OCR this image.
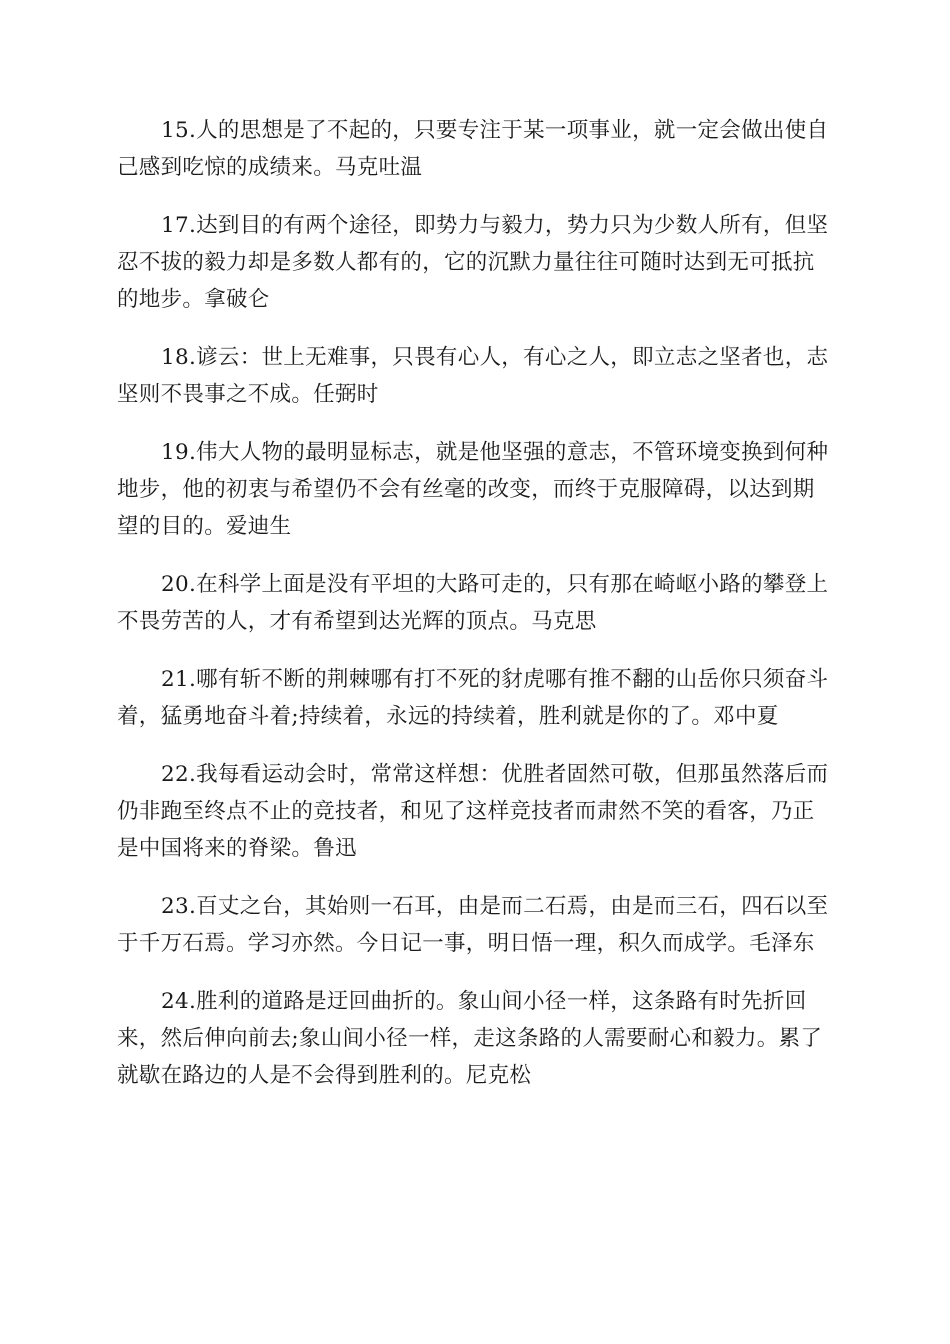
15.人的思想是了不起的，只要专注于某一项事业，就一定会做出使自己感到吃惊的成绩来。马克吐温

17.达到目的有两个途径，即势力与毅力，势力只为少数人所有，但坚忍不拔的毅力却是多数人都有的，它的沉默力量往往可随时达到无可抵抗的地步。拿破仑

18.谚云：世上无难事，只畏有心人，有心之人，即立志之坚者也，志坚则不畏事之不成。任弼时

19.伟大人物的最明显标志，就是他坚强的意志，不管环境变换到何种地步，他的初衷与希望仍不会有丝毫的改变，而终于克服障碍，以达到期望的目的。爱迪生

20.在科学上面是没有平坦的大路可走的，只有那在崎岖小路的攀登上不畏劳苦的人，才有希望到达光辉的顶点。马克思

21.哪有斩不断的荆棘哪有打不死的豺虎哪有推不翻的山岳你只须奋斗着，猛勇地奋斗着;持续着，永远的持续着，胜利就是你的了。邓中夏

22.我每看运动会时，常常这样想：优胜者固然可敬，但那虽然落后而仍非跑至终点不止的竞技者，和见了这样竞技者而肃然不笑的看客，乃正是中国将来的脊梁。鲁迅

23.百丈之台，其始则一石耳，由是而二石焉，由是而三石，四石以至于千万石焉。学习亦然。今日记一事，明日悟一理，积久而成学。毛泽东

24.胜利的道路是迂回曲折的。象山间小径一样，这条路有时先折回来，然后伸向前去;象山间小径一样，走这条路的人需要耐心和毅力。累了就歇在路边的人是不会得到胜利的。尼克松
